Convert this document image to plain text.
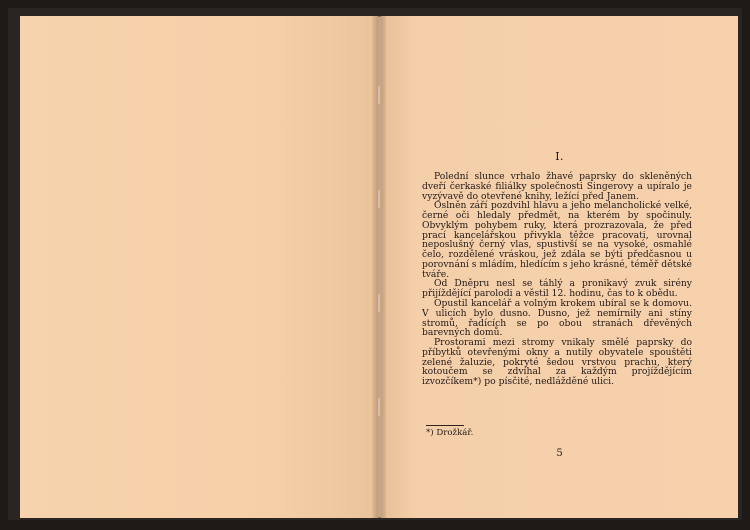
I.

Polední slunce vrhalo žhavé paprsky do skleněných dveří čerkaské filiálky společnosti Singerovy a upíralo je vyzývavě do otevřené knihy, ležící před Janem.

Oslněn září pozdvihl hlavu a jeho melancholické velké, černé oči hledaly předmět, na kterém by spočinuly. Obvyklým pohybem ruky, která prozrazovala, že před prací kancelářskou přivykla těžce pracovati, urovnal neposlušný černý vlas, spustivší se na vysoké, osmahlé čelo, rozdělené vráskou, jež zdála se býti předčasnou u porovnání s mládím, hledícím s jeho krásné, téměř dětské tváře.

Od Dněpru nesl se táhlý a pronikavý zvuk sirény přijíždějící parolodi a věstil 12. hodinu, čas to k obědu.

Opustil kancelář a volným krokem ubíral se k domovu. V ulicích bylo dusno. Dusno, jež nemírnily ani stíny stromů, řadících se po obou stranách dřevěných barevných domů.

Prostorami mezi stromy vnikaly smělé paprsky do příbytků otevřenými okny a nutily obyvatele spouštěti zelené žaluzie, pokryté šedou vrstvou prachu, který kotoučem se zdvíhal za každým projíždějícím izvozčíkem*) po písčité, nedlážděné ulici.

*) Drožkář.
5
